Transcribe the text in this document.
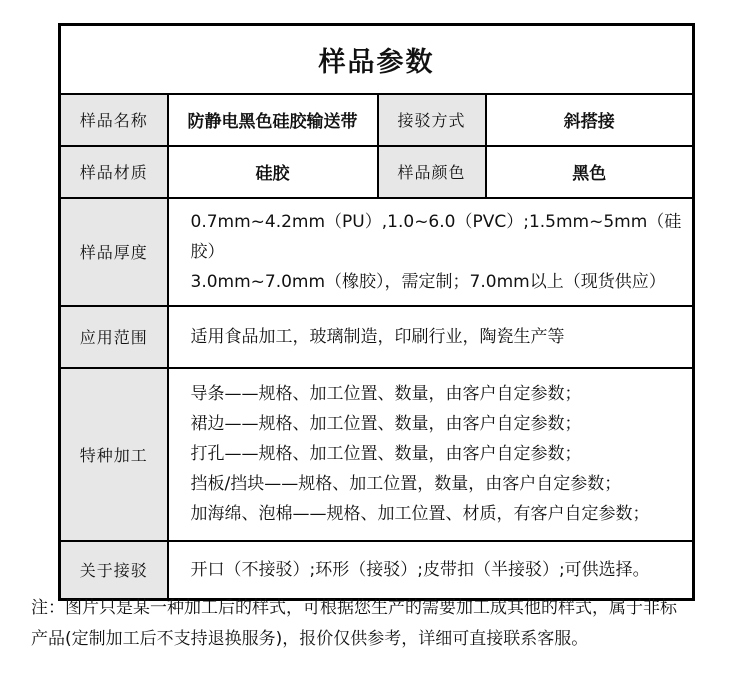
样品参数			
样品名称	防静电黑色硅胶输送带	接驳方式	斜搭接
样品材质	硅胶	样品颜色	黑色
样品厚度	0.7mm~4.2mm（PU）,1.0~6.0（PVC）;1.5mm~5mm（硅胶）
3.0mm~7.0mm（橡胶），需定制；7.0mm以上（现货供应）		

应用范围	适用食品加工，玻璃制造，印刷行业，陶瓷生产等		
特种加工	导条——规格、加工位置、数量，由客户自定参数；
裙边——规格、加工位置、数量，由客户自定参数；
打孔——规格、加工位置、数量，由客户自定参数；
挡板/挡块——规格、加工位置，数量，由客户自定参数；
加海绵、泡棉——规格、加工位置、材质，有客户自定参数；		

关于接驳	开口（不接驳）;环形（接驳）;皮带扣（半接驳）;可供选择。		
注：图片只是某一种加工后的样式，可根据您生产的需要加工成其他的样式，属于非标
产品(定制加工后不支持退换服务)，报价仅供参考，详细可直接联系客服。
